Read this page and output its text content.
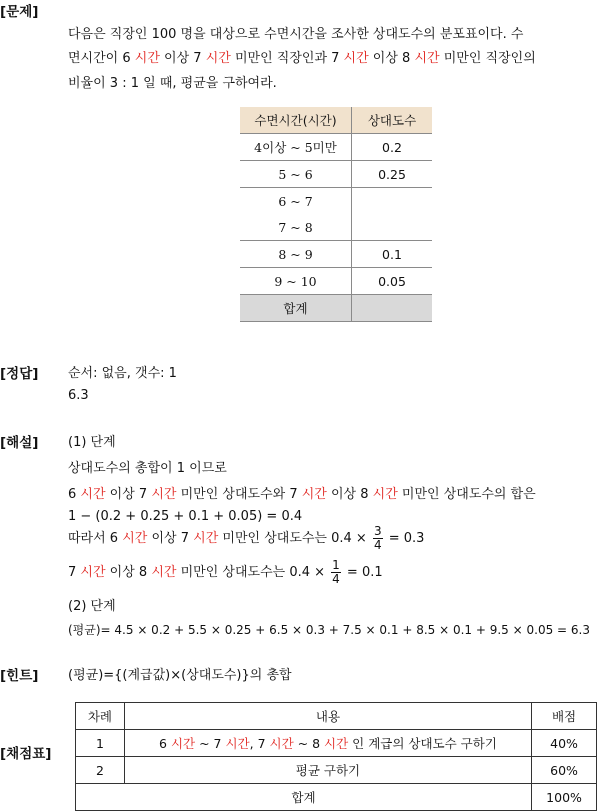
[문제]
다음은 직장인 100 명을 대상으로 수면시간을 조사한 상대도수의 분포표이다. 수
면시간이 6 시간 이상 7 시간 미만인 직장인과 7 시간 이상 8 시간 미만인 직장인의
비율이 3 : 1 일 때, 평균을 구하여라.
수면시간(시간)	상대도수
4이상 ~ 5미만	0.2
5 ~ 6	0.25
6 ~ 7	
7 ~ 8	
8 ~ 9	0.1
9 ~ 10	0.05
합계	
[정답] 순서: 없음, 갯수: 1
6.3
[해설] (1) 단계
상대도수의 총합이 1 이므로
6 시간 이상 7 시간 미만인 상대도수와 7 시간 이상 8 시간 미만인 상대도수의 합은
1 − (0.2 + 0.25 + 0.1 + 0.05) = 0.4
따라서 6 시간 이상 7 시간 미만인 상대도수는 $0.4 \times \frac{3}{4} = 0.3$
7 시간 이상 8 시간 미만인 상대도수는 $0.4 \times \frac{1}{4} = 0.1$
(2) 단계
(평균)= 4.5 × 0.2 + 5.5 × 0.25 + 6.5 × 0.3 + 7.5 × 0.1 + 8.5 × 0.1 + 9.5 × 0.05 = 6.3
[힌트] (평균)={(계급값)×(상대도수)}의 총합
[채점표]
차례	내용	배점
1	6 시간 ~ 7 시간, 7 시간 ~ 8 시간 인 계급의 상대도수 구하기	40%
2	평균 구하기	60%
합계		100%
